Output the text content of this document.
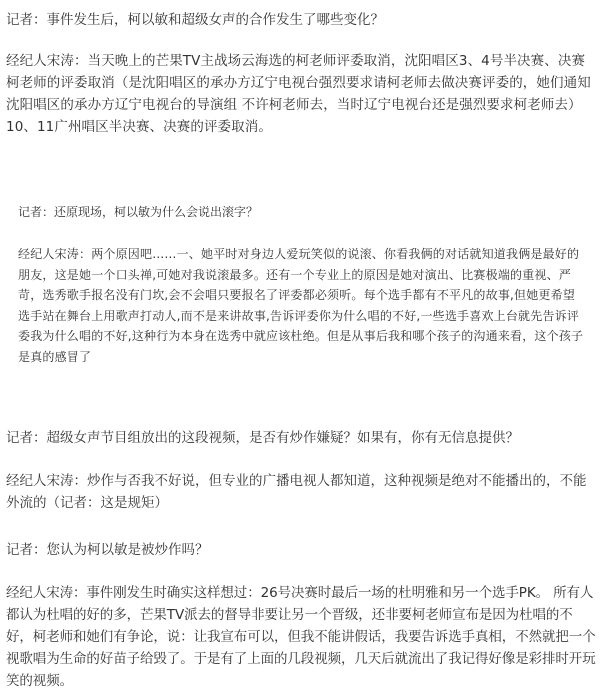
记者：事件发生后，柯以敏和超级女声的合作发生了哪些变化？

经纪人宋涛：当天晚上的芒果TV主战场云海选的柯老师评委取消，沈阳唱区3、4号半决赛、决赛柯老师的评委取消（是沈阳唱区的承办方辽宁电视台强烈要求请柯老师去做决赛评委的，她们通知沈阳唱区的承办方辽宁电视台的导演组 不许柯老师去，当时辽宁电视台还是强烈要求柯老师去） 10、11广州唱区半决赛、决赛的评委取消。

记者：还原现场，柯以敏为什么会说出滚字？

经纪人宋涛：两个原因吧……一、她平时对身边人爱玩笑似的说滚、你看我俩的对话就知道我俩是最好的朋友，这是她一个口头禅,可她对我说滚最多。还有一个专业上的原因是她对演出、比赛极端的重视、严苛，选秀歌手报名没有门坎,会不会唱只要报名了评委都必须听。每个选手都有不平凡的故事,但她更希望选手站在舞台上用歌声打动人,而不是来讲故事,告诉评委你为什么唱的不好,一些选手喜欢上台就先告诉评委我为什么唱的不好,这种行为本身在选秀中就应该杜绝。但是从事后我和哪个孩子的沟通来看，这个孩子是真的感冒了

记者：超级女声节目组放出的这段视频，是否有炒作嫌疑？如果有，你有无信息提供？

经纪人宋涛：炒作与否我不好说，但专业的广播电视人都知道，这种视频是绝对不能播出的，不能外流的（记者：这是规矩）

记者：您认为柯以敏是被炒作吗？

经纪人宋涛：事件刚发生时确实这样想过：26号决赛时最后一场的杜明雅和另一个选手PK。 所有人都认为杜唱的好的多，芒果TV派去的督导非要让另一个晋级，还非要柯老师宣布是因为杜唱的不好，柯老师和她们有争论，说：让我宣布可以，但我不能讲假话，我要告诉选手真相，不然就把一个视歌唱为生命的好苗子给毁了。于是有了上面的几段视频，几天后就流出了我记得好像是彩排时开玩笑的视频。
